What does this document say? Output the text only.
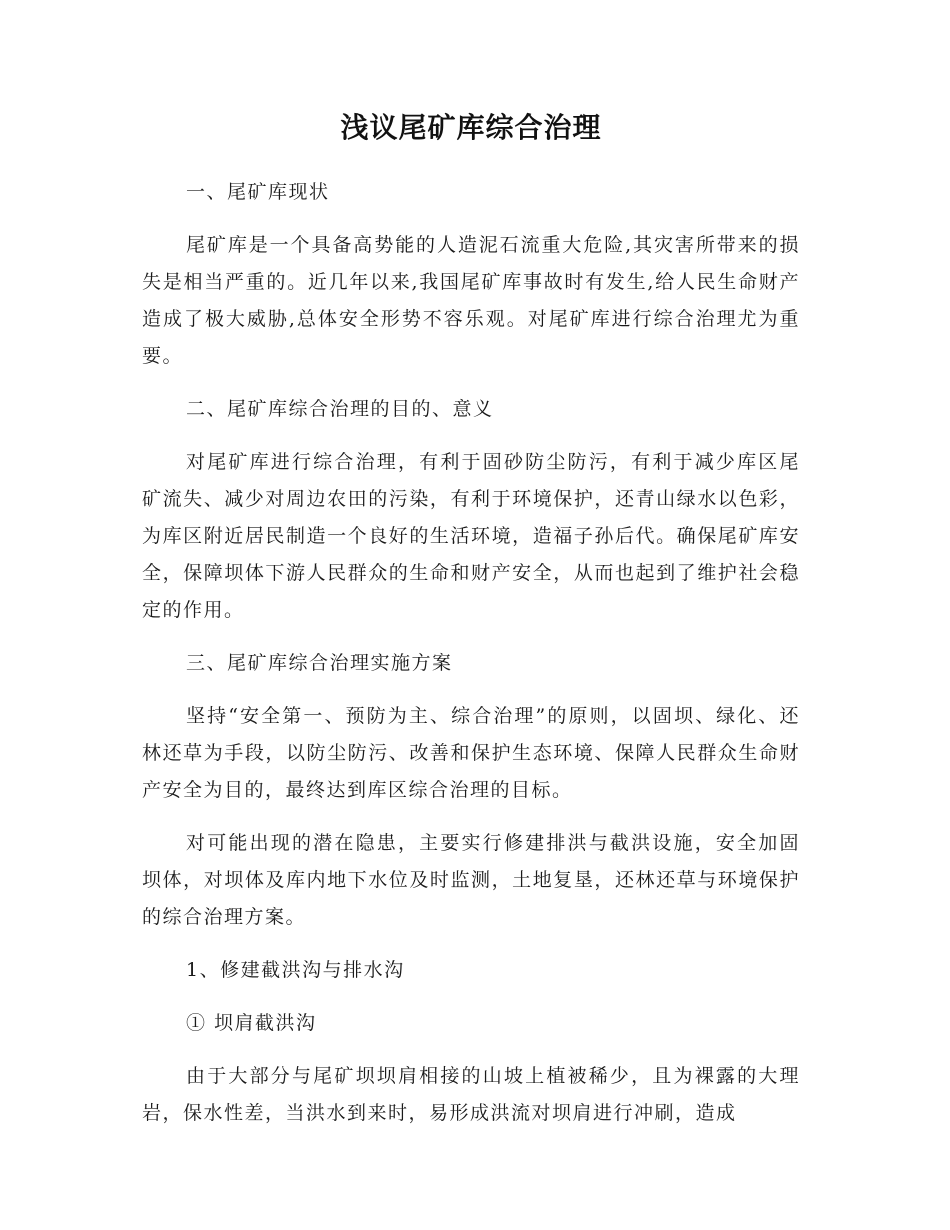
浅议尾矿库综合治理

一、尾矿库现状

尾矿库是一个具备高势能的人造泥石流重大危险,其灾害所带来的损失是相当严重的。近几年以来,我国尾矿库事故时有发生,给人民生命财产造成了极大威胁,总体安全形势不容乐观。对尾矿库进行综合治理尤为重要。

二、尾矿库综合治理的目的、意义

对尾矿库进行综合治理，有利于固砂防尘防污，有利于减少库区尾矿流失、减少对周边农田的污染，有利于环境保护，还青山绿水以色彩，为库区附近居民制造一个良好的生活环境，造福子孙后代。确保尾矿库安全，保障坝体下游人民群众的生命和财产安全，从而也起到了维护社会稳定的作用。

三、尾矿库综合治理实施方案

坚持“安全第一、预防为主、综合治理”的原则，以固坝、绿化、还林还草为手段，以防尘防污、改善和保护生态环境、保障人民群众生命财产安全为目的，最终达到库区综合治理的目标。

对可能出现的潜在隐患，主要实行修建排洪与截洪设施，安全加固坝体，对坝体及库内地下水位及时监测，土地复垦，还林还草与环境保护的综合治理方案。

1、修建截洪沟与排水沟

① 坝肩截洪沟

由于大部分与尾矿坝坝肩相接的山坡上植被稀少，且为裸露的大理岩，保水性差，当洪水到来时，易形成洪流对坝肩进行冲刷，造成
